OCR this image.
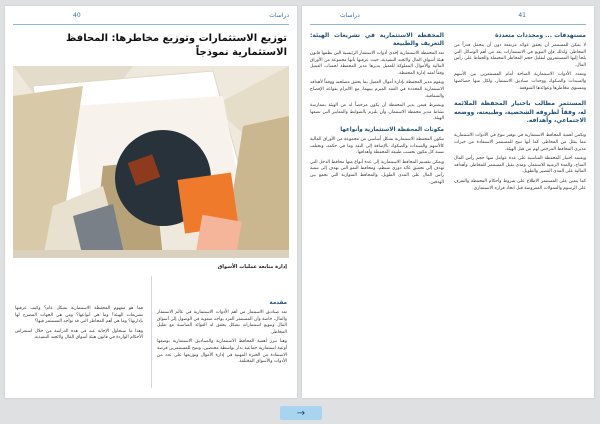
دراسات
40
توزيع الاستثمارات وتوزيع مخاطرها: المحافظ الاستثمارية نموذجاً
إدارة متابعة عمليات الأسواق
مقدمة

تعد صناديق الاستثمار من أهم الأدوات الاستثمارية في عالم الاستثمار والمال، خاصة وأن المستثمر الفرد يواجه صعوبة في الوصول إلى أسواق المال وتنويع استثماراته بشكل يحقق له العوائد المناسبة مع تقليل المخاطر.

وهنا تبرز أهمية المحافظ الاستثمارية والصناديق الاستثمارية بوصفها أوعية استثمارية جماعية تدار بواسطة مختصين، وتتيح للمستثمرين فرصة الاستفادة من الخبرة المهنية في إدارة الأموال وتوزيعها على عدد من الأدوات والأسواق المختلفة.

فما هو مفهوم المحفظة الاستثمارية بشكل عام؟ وكيف عرفتها تشريعات الهيئة؟ وما هي أنواعها؟ ومن هي الجهات المصرح لها بإدارتها؟ وما هي أهم المخاطر التي قد تواجه المستثمر فيها؟

وهذا ما سنحاول الإجابة عنه في هذه الدراسة من خلال استعراض الأحكام الواردة في قانون هيئة أسواق المال ولائحته التنفيذية.

41
دراسات
مستهدفات ... ومحددات متعددة

لا يمكن للمستثمر أن يحقق عوائد مرتفعة دون أن يتحمل قدراً من المخاطر، ولذلك فإن التنويع في الاستثمارات يعد من أهم الوسائل التي يلجأ إليها المستثمرون لتقليل حجم المخاطر المحتملة والحفاظ على رأس المال.

وتتعدد الأدوات الاستثمارية المتاحة أمام المستثمرين بين الأسهم والسندات والصكوك ووحدات صناديق الاستثمار، ولكل منها خصائصها ومستوى مخاطرها وعوائدها المتوقعة.

المستثمر مطالب باختيار المحفظة الملائمة له، وفقاً لظروفه الشخصية، وطبيعته، ووضعه الاجتماعي، وأهدافه.

وتكمن أهمية المحافظ الاستثمارية في توفير تنوع في الأدوات الاستثمارية مما يقلل من المخاطر، كما أنها تتيح للمستثمر الاستفادة من خبرات مديري المحافظ المرخص لهم من قبل الهيئة.

ويعتمد اختيار المحفظة المناسبة على عدة عوامل منها حجم رأس المال المتاح، والمدة الزمنية للاستثمار، ومدى تقبل المستثمر للمخاطر، وأهدافه المالية على المدى القصير والطويل.

كما يتعين على المستثمر الاطلاع على شروط وأحكام المحفظة والتعرف على الرسوم والعمولات المفروضة قبل اتخاذ قراره الاستثماري.

المحفظة الاستثمارية في تشريعات الهيئة: التعريف والطبيعة

تعد المحفظة الاستثمارية إحدى أدوات الاستثمار الرئيسية التي نظمها قانون هيئة أسواق المال ولائحته التنفيذية، حيث عرفتها بأنها مجموعة من الأوراق المالية والأموال المملوكة للعميل يديرها مدير المحفظة لحساب العميل وفقاً لعقد إدارة المحفظة.

ويقوم مدير المحفظة بإدارة أموال العميل بما يحقق مصلحته ووفقاً لأهدافه الاستثمارية المحددة في العقد المبرم بينهما، مع الالتزام بقواعد الإفصاح والشفافية.

ويشترط فيمن يدير المحفظة أن يكون مرخصاً له من الهيئة بممارسة نشاط مدير محفظة الاستثمار، وأن يلتزم بالضوابط والمعايير التي تضعها الهيئة.

مكونات المحفظة الاستثمارية وأنواعها

تتكون المحفظة الاستثمارية بشكل أساسي من مجموعة من الأوراق المالية كالأسهم والسندات والصكوك بالإضافة إلى النقد وما في حكمه، وتختلف نسبة كل مكون بحسب طبيعة المحفظة وأهدافها.

ويمكن تقسيم المحافظ الاستثمارية إلى عدة أنواع منها محافظ الدخل التي تهدف إلى تحقيق عائد دوري منتظم، ومحافظ النمو التي تهدف إلى تنمية رأس المال على المدى الطويل، والمحافظ المتوازنة التي تجمع بين الهدفين.

→
